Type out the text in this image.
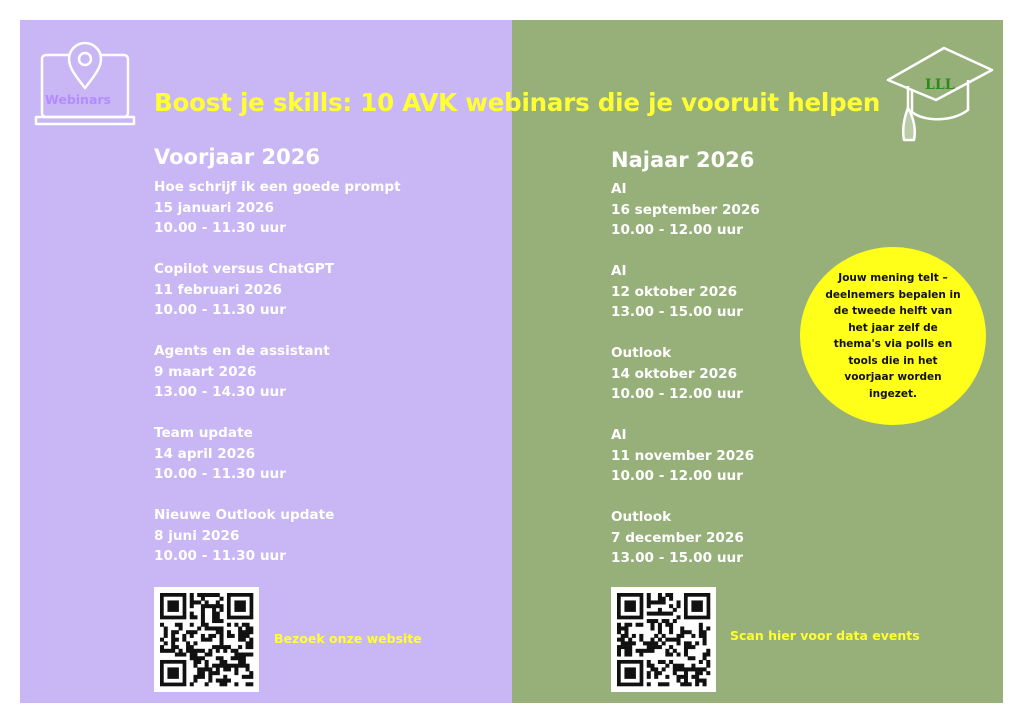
Webinars
LLL
Boost je skills: 10 AVK webinars die je vooruit helpen
Voorjaar 2026
Hoe schrijf ik een goede prompt
15 januari 2026
10.00 - 11.30 uur
Copilot versus ChatGPT
11 februari 2026
10.00 - 11.30 uur
Agents en de assistant
9 maart 2026
13.00 - 14.30 uur
Team update
14 april 2026
10.00 - 11.30 uur
Nieuwe Outlook update
8 juni 2026
10.00 - 11.30 uur
Najaar 2026
AI
16 september 2026
10.00 - 12.00 uur
AI
12 oktober 2026
13.00 - 15.00 uur
Outlook
14 oktober 2026
10.00 - 12.00 uur
AI
11 november 2026
10.00 - 12.00 uur
Outlook
7 december 2026
13.00 - 15.00 uur
Jouw mening telt – deelnemers bepalen in de tweede helft van het jaar zelf de thema's via polls en tools die in het voorjaar worden ingezet.
Bezoek onze website	Scan hier voor data events
